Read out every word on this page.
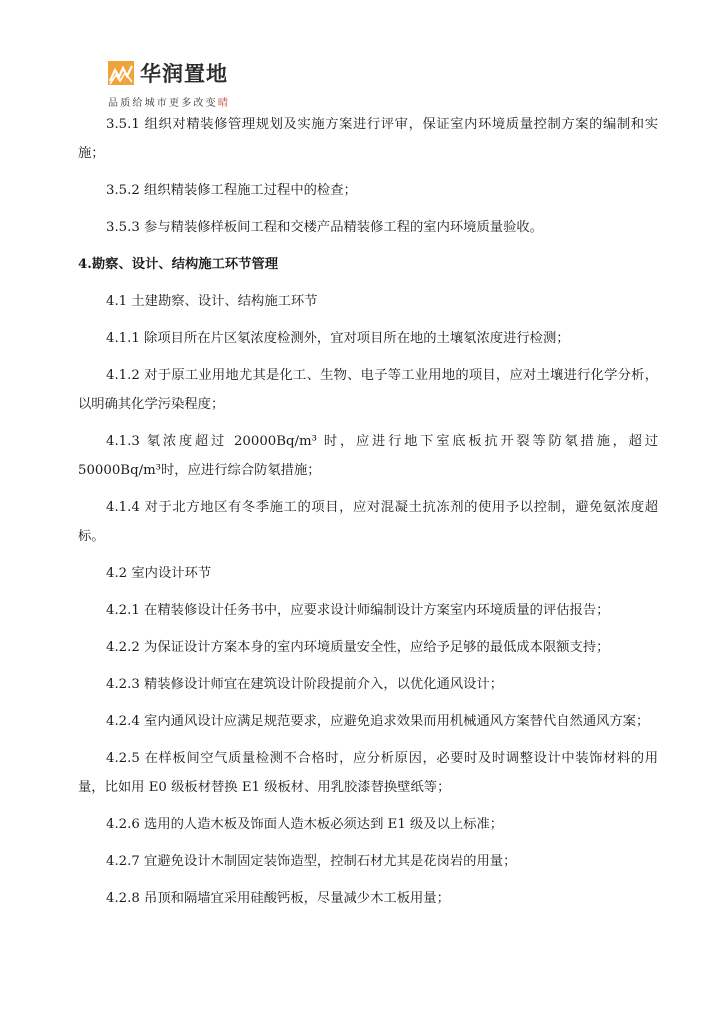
华润置地
品质给城市更多改变晴

3.5.1 组织对精装修管理规划及实施方案进行评审，保证室内环境质量控制方案的编制和实施；

3.5.2 组织精装修工程施工过程中的检查；

3.5.3 参与精装修样板间工程和交楼产品精装修工程的室内环境质量验收。

4.勘察、设计、结构施工环节管理

4.1 土建勘察、设计、结构施工环节

4.1.1 除项目所在片区氡浓度检测外，宜对项目所在地的土壤氡浓度进行检测；

4.1.2 对于原工业用地尤其是化工、生物、电子等工业用地的项目，应对土壤进行化学分析，以明确其化学污染程度；

4.1.3 氡浓度超过 20000Bq/m³ 时，应进行地下室底板抗开裂等防氡措施，超过 50000Bq/m³时，应进行综合防氡措施；

4.1.4 对于北方地区有冬季施工的项目，应对混凝土抗冻剂的使用予以控制，避免氨浓度超标。

4.2 室内设计环节

4.2.1 在精装修设计任务书中，应要求设计师编制设计方案室内环境质量的评估报告；

4.2.2 为保证设计方案本身的室内环境质量安全性，应给予足够的最低成本限额支持；

4.2.3 精装修设计师宜在建筑设计阶段提前介入，以优化通风设计；

4.2.4 室内通风设计应满足规范要求，应避免追求效果而用机械通风方案替代自然通风方案；

4.2.5 在样板间空气质量检测不合格时，应分析原因，必要时及时调整设计中装饰材料的用量，比如用 E0 级板材替换 E1 级板材、用乳胶漆替换壁纸等；

4.2.6 选用的人造木板及饰面人造木板必须达到 E1 级及以上标准；

4.2.7 宜避免设计木制固定装饰造型，控制石材尤其是花岗岩的用量；

4.2.8 吊顶和隔墙宜采用硅酸钙板，尽量减少木工板用量；
